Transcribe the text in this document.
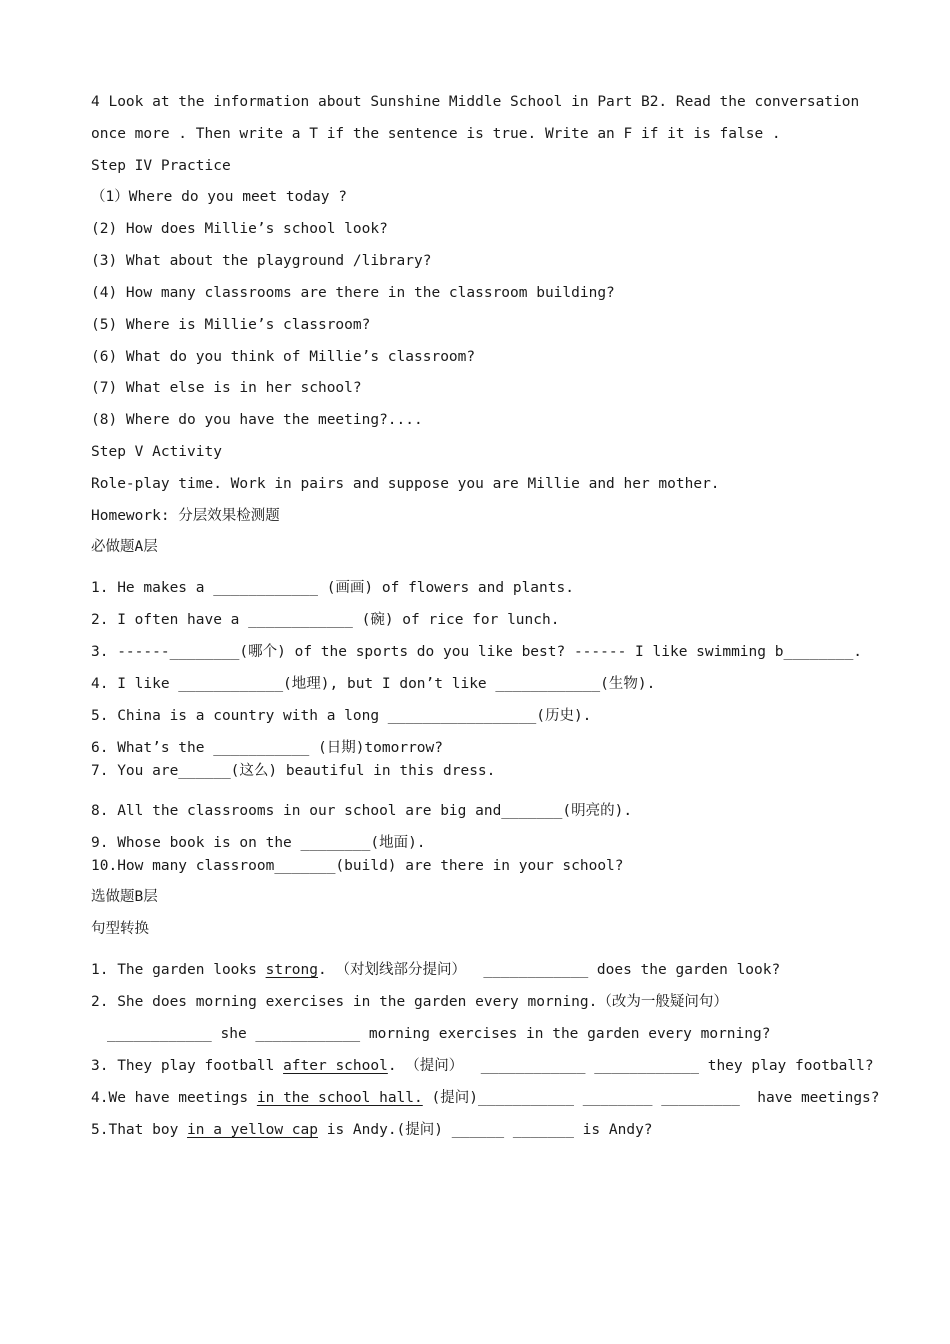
4 Look at the information about Sunshine Middle School in Part B2. Read the conversation
once more . Then write a T if the sentence is true. Write an F if it is false .
Step IV Practice
（1）Where do you meet today ?
(2) How does Millie’s school look?
(3) What about the playground /library?
(4) How many classrooms are there in the classroom building?
(5) Where is Millie’s classroom?
(6) What do you think of Millie’s classroom?
(7) What else is in her school?
(8) Where do you have the meeting?....
Step V Activity
Role-play time. Work in pairs and suppose you are Millie and her mother.
Homework: 分层效果检测题
必做题A层
1. He makes a ____________ (画画) of flowers and plants.
2. I often have a ____________ (碗) of rice for lunch.
3. ------________(哪个) of the sports do you like best? ------ I like swimming b________.
4. I like ____________(地理), but I don’t like ____________(生物).
5. China is a country with a long _________________(历史).
6. What’s the ___________ (日期)tomorrow?
7. You are______(这么) beautiful in this dress.
8. All the classrooms in our school are big and_______(明亮的).
9. Whose book is on the ________(地面).
10.How many classroom_______(build) are there in your school?
选做题B层
句型转换
1. The garden looks strong. （对划线部分提问）  ____________ does the garden look?
2. She does morning exercises in the garden every morning.（改为一般疑问句）
____________ she ____________ morning exercises in the garden every morning?
3. They play football after school. （提问）  ____________ ____________ they play football?
4.We have meetings in the school hall. (提问)___________ ________ _________  have meetings?
5.That boy in a yellow cap is Andy.(提问) ______ _______ is Andy?
